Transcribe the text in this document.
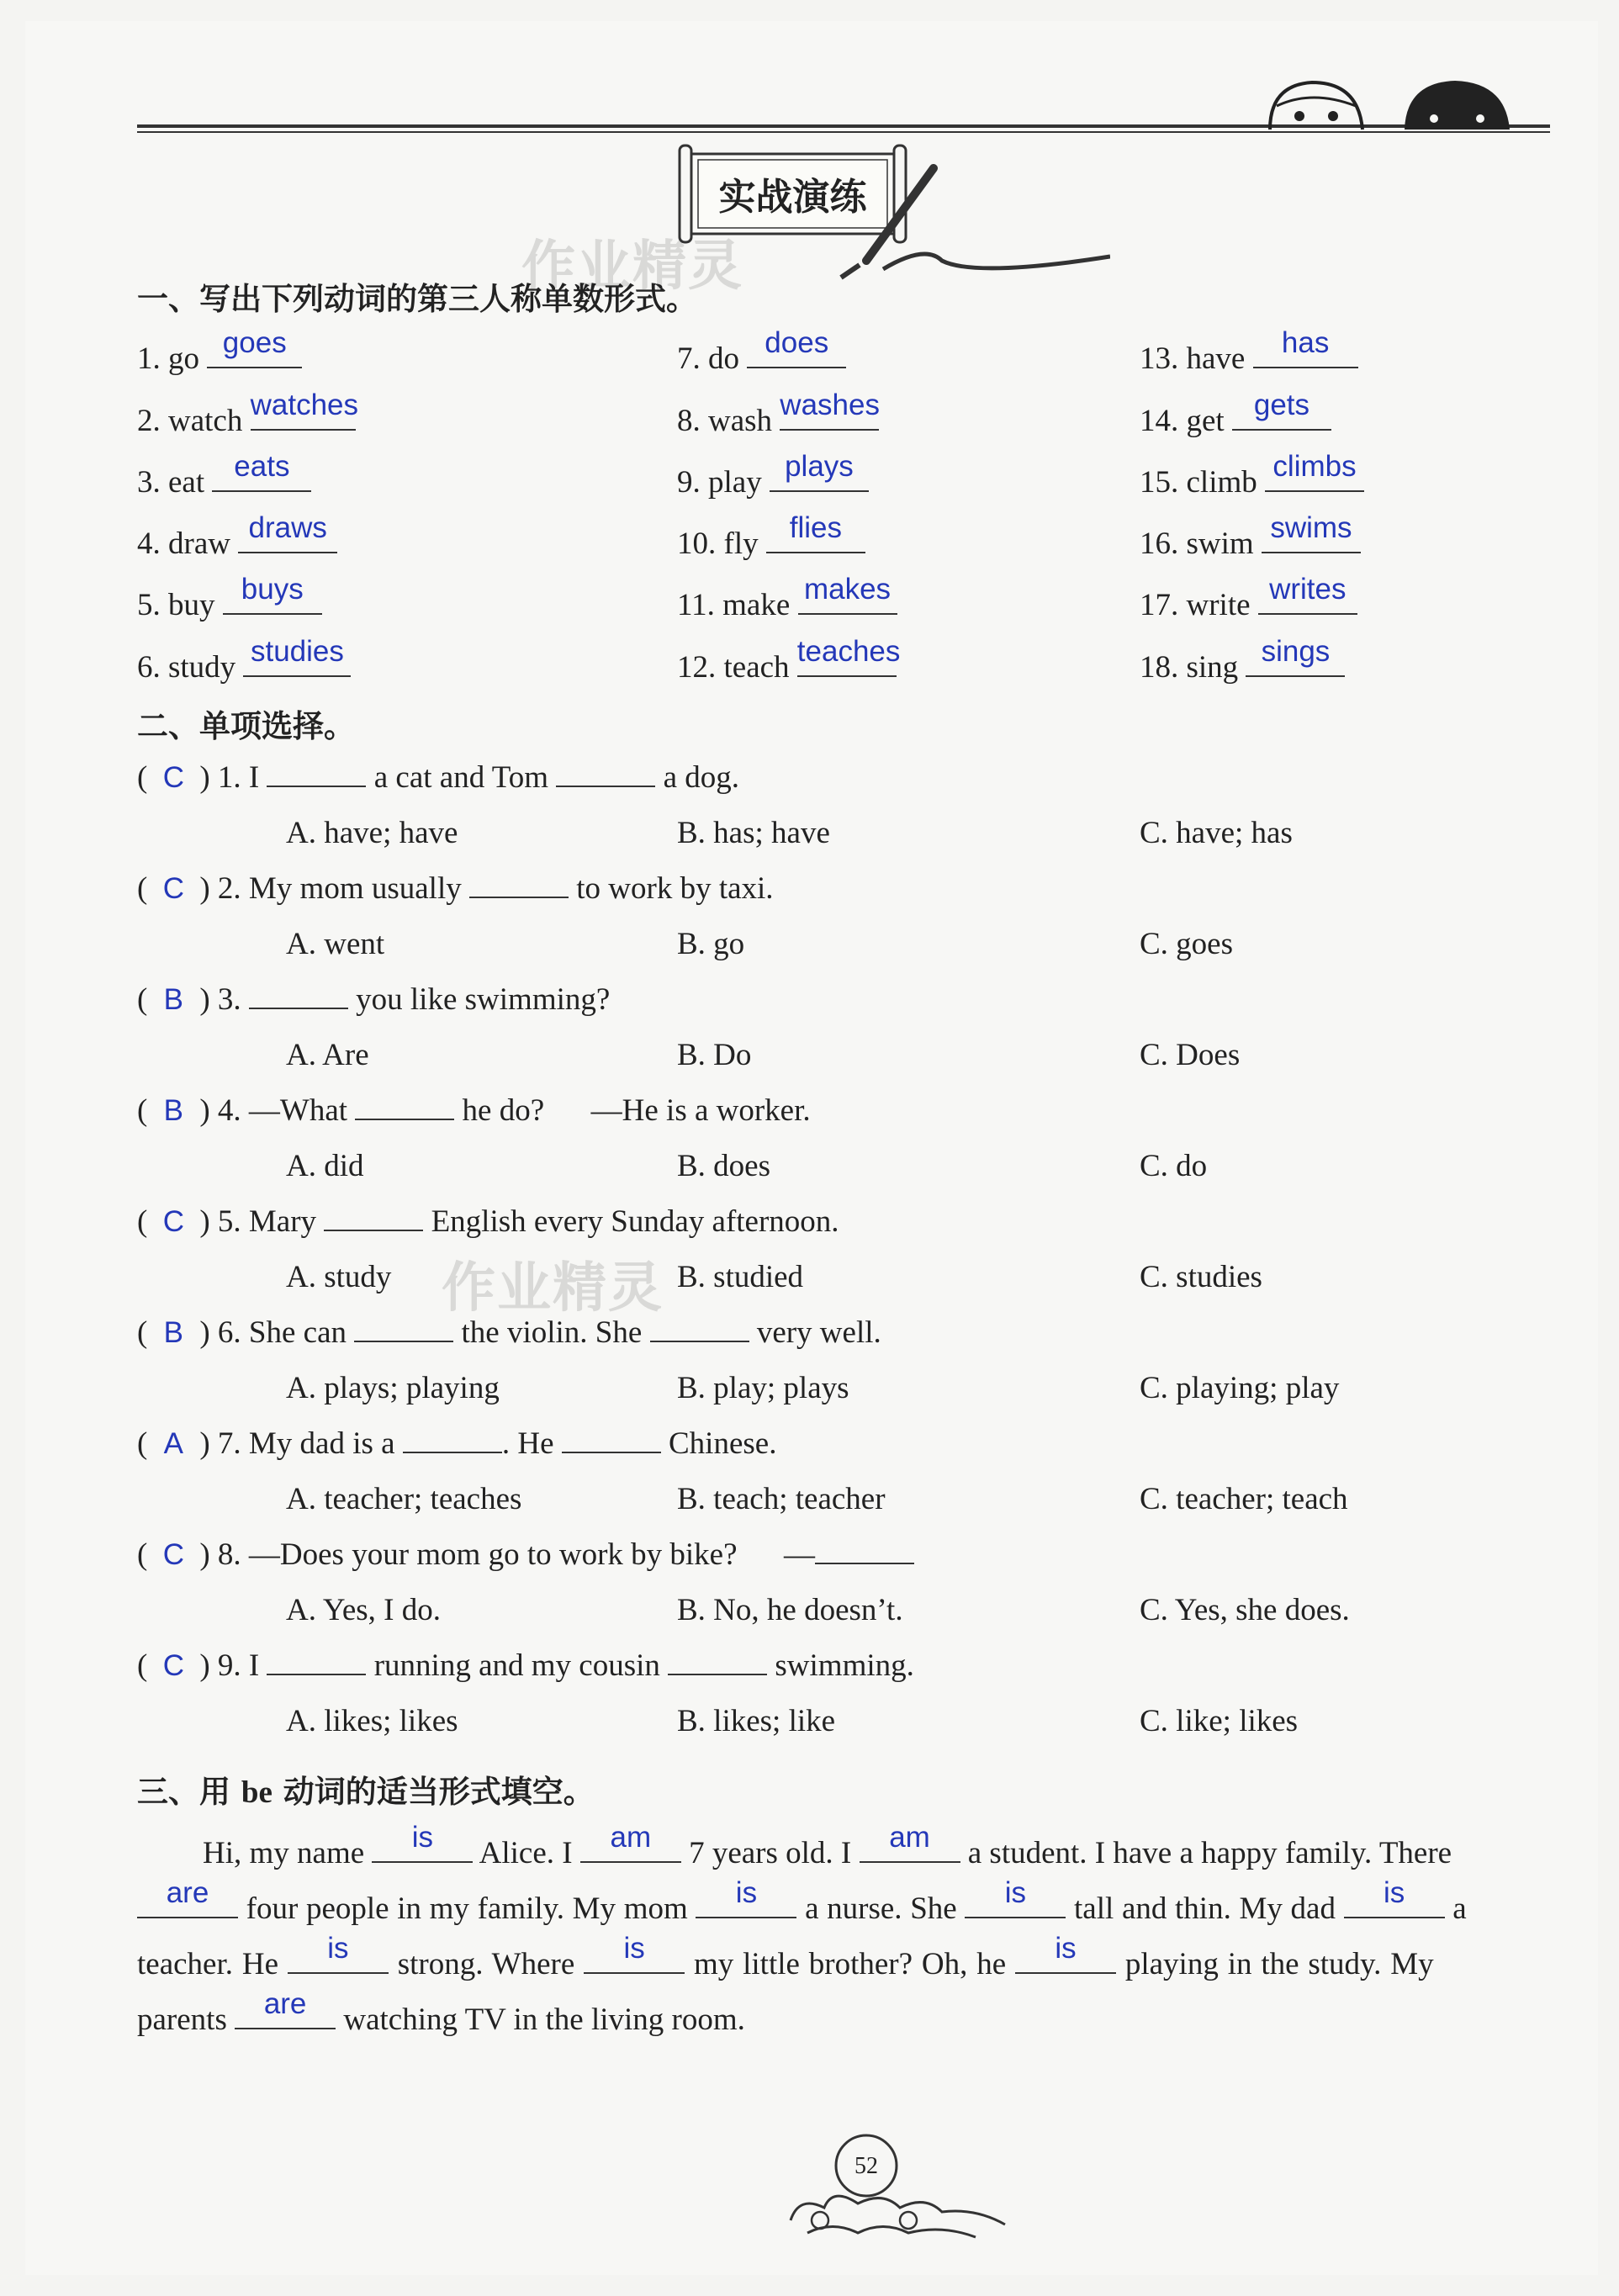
实战演练
作业精灵
一、写出下列动词的第三人称单数形式。
1. go goes
2. watch watches
3. eat	eats
4. draw draws
5. buy buys
6. study studies
7. do does
8. wash washes
9. play plays
10. fly	flies
11. make makes
12. teach teaches
13. have	has
14. get	gets
15. climb climbs
16. swim swims
17. write writes
18. sing sings
二、单项选择。
( C ) 1. I	a cat and Tom	a dog.
A. have; have	B. has; have	C. have; has
( C ) 2. My mom usually	to work by taxi.
A. went	B. go	C. goes
( B ) 3.	you like swimming?
A. Are	B. Do	C. Does
( B ) 4. —What	he do? —He is a worker.
A. did	B. does	C. do
( C ) 5. Mary	English every Sunday afternoon.
A. study	B. studied	C. studies
( B ) 6. She can	the violin. She	very well.
A. plays; playing	B. play; plays	C. playing; play
( A ) 7. My dad is a	. He	Chinese.
A. teacher; teaches	B. teach; teacher	C. teacher; teach
( C ) 8. —Does your mom go to work by bike? —
A. Yes, I do.	B. No, he doesn’t.	C. Yes, she does.
( C ) 9. I	running and my cousin	swimming.
A. likes; likes	B. likes; like	C. like; likes
作业精灵
三、用 be 动词的适当形式填空。
Hi, my name	is	Alice. I	am	7 years old. I	am	a student. I have a happy family. There
are	four people in my family. My mom	is	a nurse. She	is	tall and thin. My dad	is	a
teacher. He	is	strong. Where	is	my little brother? Oh, he	is	playing in the study. My
parents	are	watching TV in the living room.
52
